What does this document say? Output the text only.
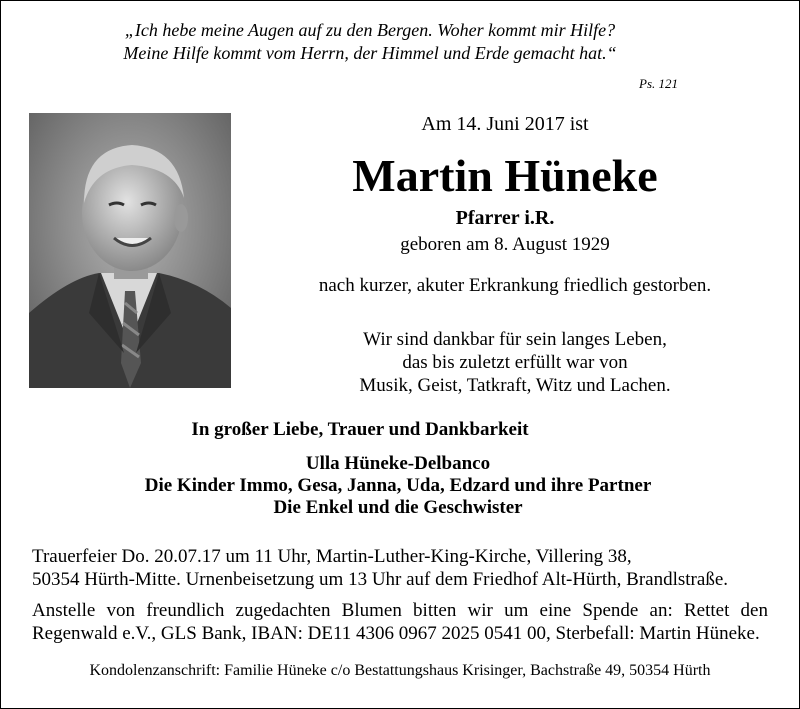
„Ich hebe meine Augen auf zu den Bergen. Woher kommt mir Hilfe?
Meine Hilfe kommt vom Herrn, der Himmel und Erde gemacht hat.“
Ps. 121
Am 14. Juni 2017 ist
Martin Hüneke
Pfarrer i.R.
geboren am 8. August 1929
nach kurzer, akuter Erkrankung friedlich gestorben.
Wir sind dankbar für sein langes Leben,
das bis zuletzt erfüllt war von
Musik, Geist, Tatkraft, Witz und Lachen.
In großer Liebe, Trauer und Dankbarkeit
Ulla Hüneke-Delbanco
Die Kinder Immo, Gesa, Janna, Uda, Edzard und ihre Partner
Die Enkel und die Geschwister
Trauerfeier Do. 20.07.17 um 11 Uhr, Martin-Luther-King-Kirche, Villering 38,
50354 Hürth-Mitte. Urnenbeisetzung um 13 Uhr auf dem Friedhof Alt-Hürth, Brandlstraße.
Anstelle von freundlich zugedachten Blumen bitten wir um eine Spende an: Rettet den
Regenwald e.V., GLS Bank, IBAN: DE11 4306 0967 2025 0541 00, Sterbefall: Martin Hüneke.
Kondolenzanschrift: Familie Hüneke c/o Bestattungshaus Krisinger, Bachstraße 49, 50354 Hürth
